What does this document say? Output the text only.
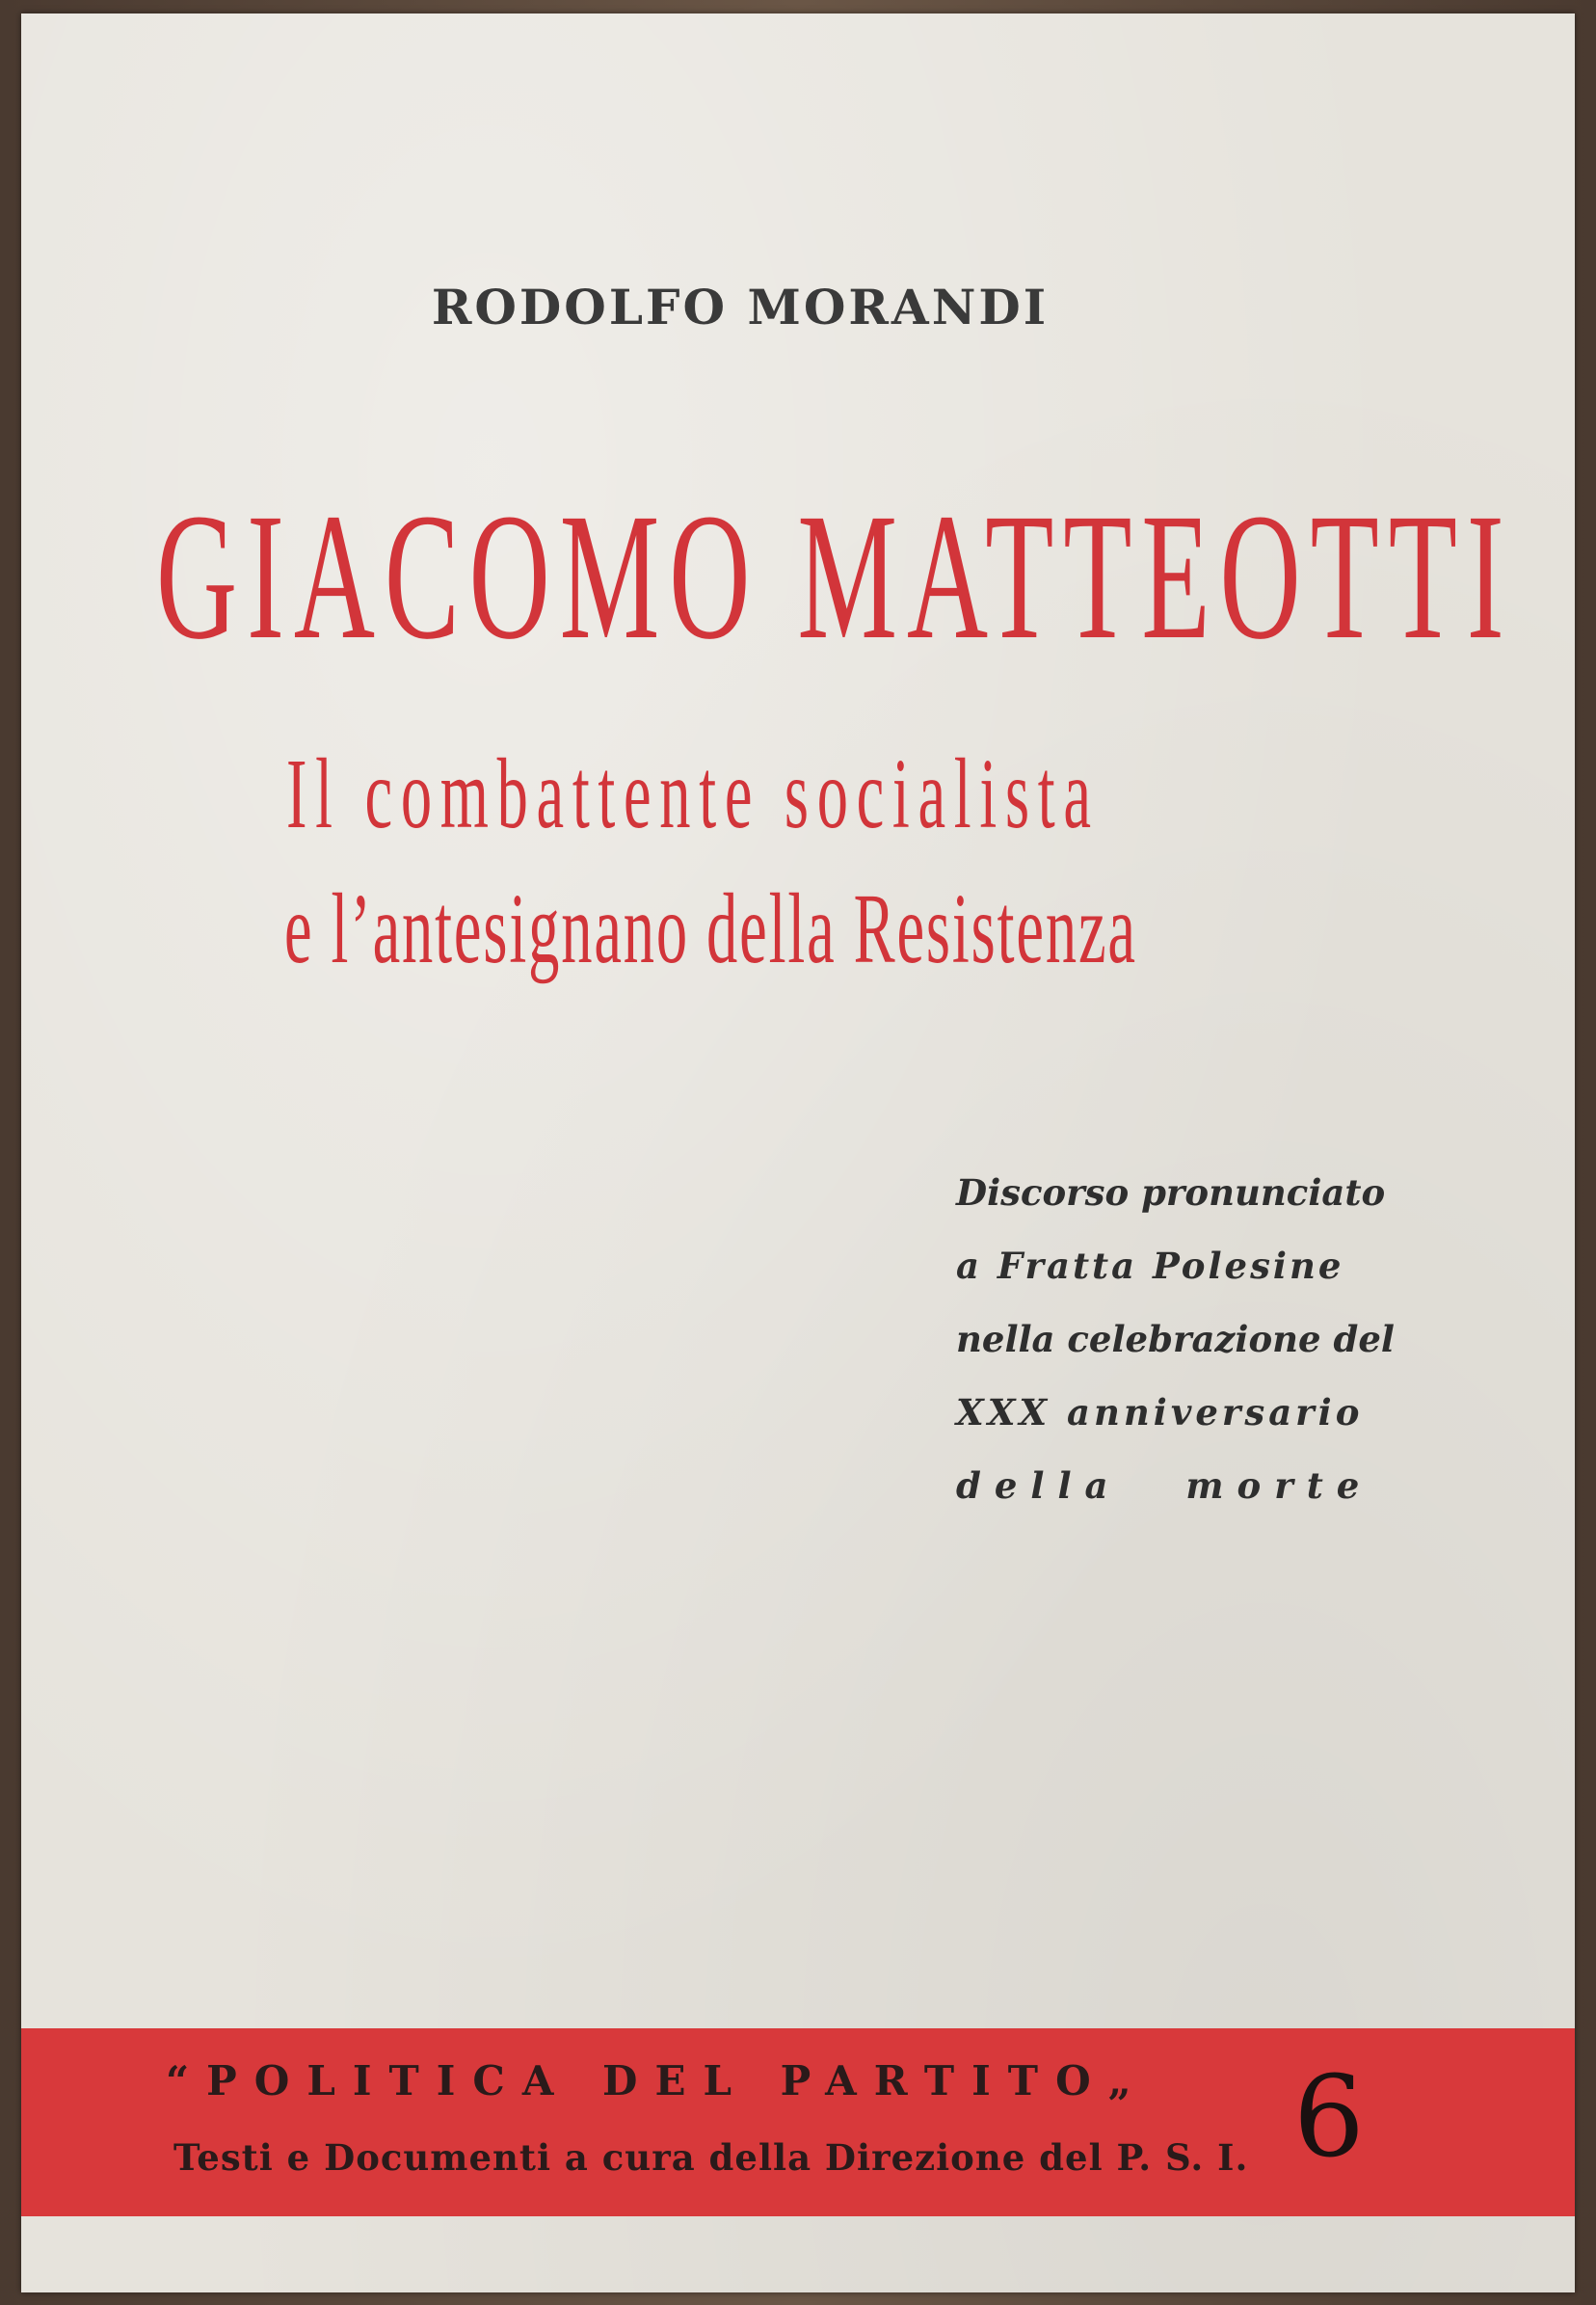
RODOLFO MORANDI
GIACOMO MATTEOTTI
Il combattente socialista
e l’antesignano della Resistenza
Discorso pronunciato
a Fratta Polesine
nella celebrazione del
XXX anniversario
della morte
“POLITICA DEL PARTITO„
Testi e Documenti a cura della Direzione del P. S. I. 6
